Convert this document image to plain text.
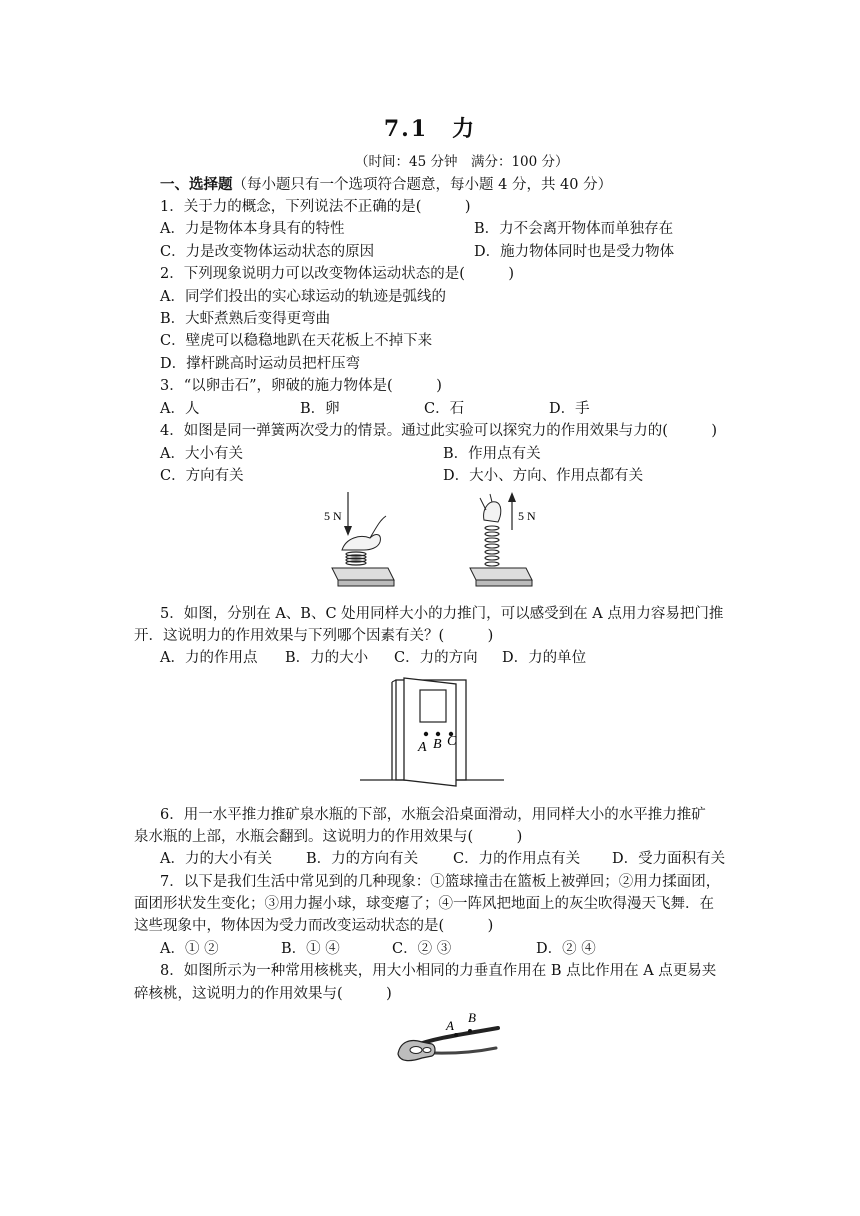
7.1　力
（时间：45 分钟　满分：100 分）
一、选择题（每小题只有一个选项符合题意，每小题 4 分，共 40 分）
1．关于力的概念，下列说法不正确的是(　　　)
A．力是物体本身具有的特性	B．力不会离开物体而单独存在
C．力是改变物体运动状态的原因	D．施力物体同时也是受力物体
2．下列现象说明力可以改变物体运动状态的是(　　　)
A．同学们投出的实心球运动的轨迹是弧线的
B．大虾煮熟后变得更弯曲
C．壁虎可以稳稳地趴在天花板上不掉下来
D．撑杆跳高时运动员把杆压弯
3．“以卵击石”，卵破的施力物体是(　　　)
A．人	B．卵	C．石	D．手
4．如图是同一弹簧两次受力的情景。通过此实验可以探究力的作用效果与力的(　　　)
A．大小有关	B．作用点有关
C．方向有关	D．大小、方向、作用点都有关
5 N	5 N
5．如图，分别在 A、B、C 处用同样大小的力推门，可以感受到在 A 点用力容易把门推
开．这说明力的作用效果与下列哪个因素有关？(　　　)
A．力的作用点 B．力的大小 C．力的方向 D．力的单位
A B C
6．用一水平推力推矿泉水瓶的下部，水瓶会沿桌面滑动，用同样大小的水平推力推矿
泉水瓶的上部，水瓶会翻到。这说明力的作用效果与(　　　)
A．力的大小有关 B．力的方向有关 C．力的作用点有关 D．受力面积有关
7．以下是我们生活中常见到的几种现象：①篮球撞击在篮板上被弹回；②用力揉面团，
面团形状发生变化；③用力握小球，球变瘪了；④一阵风把地面上的灰尘吹得漫天飞舞．在
这些现象中，物体因为受力而改变运动状态的是(　　　)
A．① ②	B．① ④	C．② ③	D．② ④
8．如图所示为一种常用核桃夹，用大小相同的力垂直作用在 B 点比作用在 A 点更易夹
碎核桃，这说明力的作用效果与(　　　)
A
B
